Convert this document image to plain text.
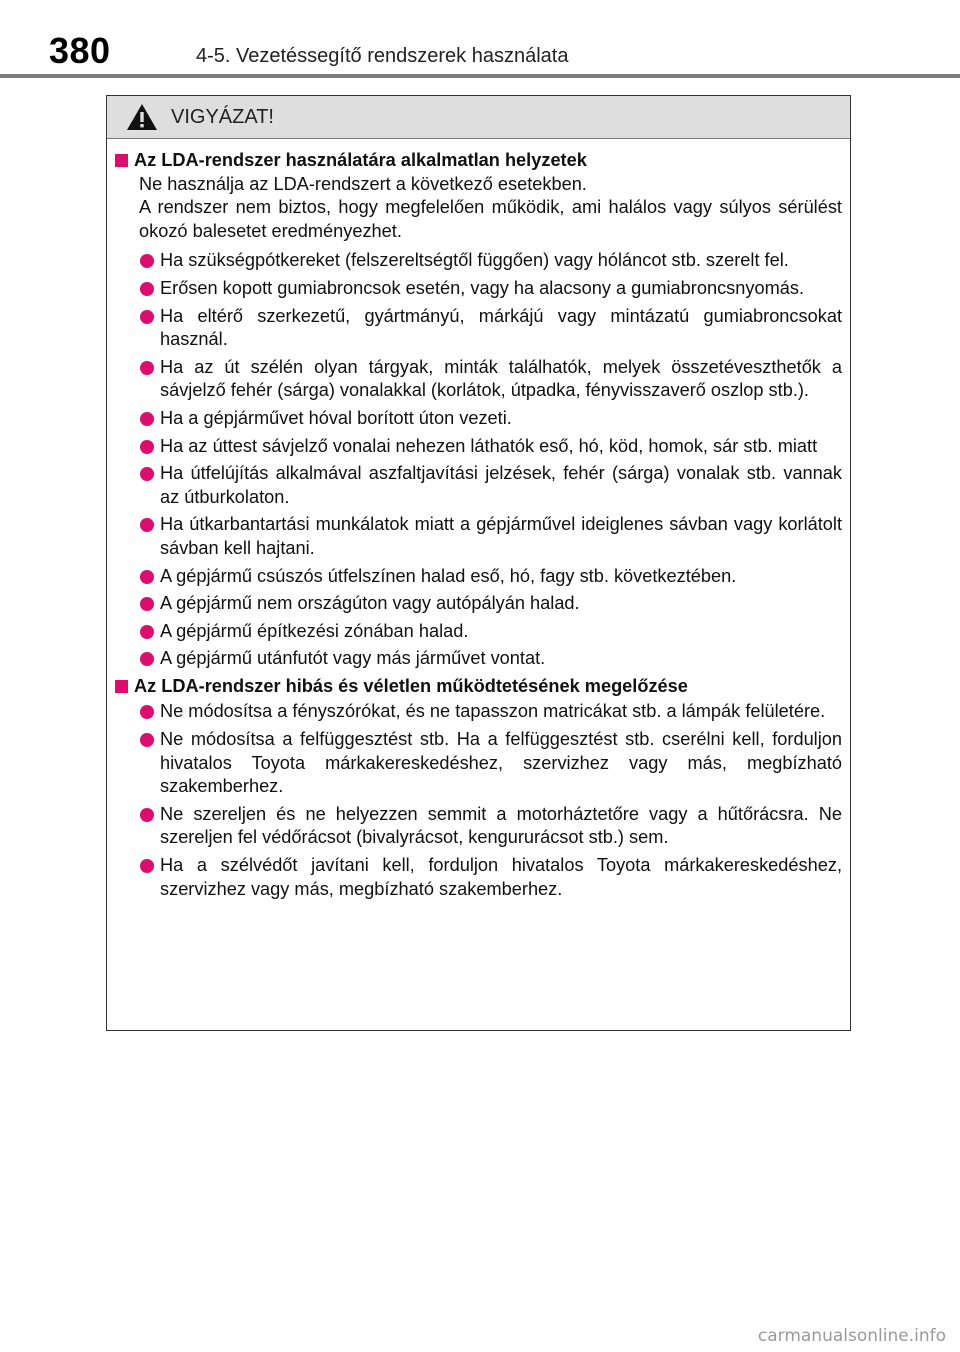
380	4-5. Vezetéssegítő rendszerek használata
VIGYÁZAT!
Az LDA-rendszer használatára alkalmatlan helyzetek
Ne használja az LDA-rendszert a következő esetekben.
A rendszer nem biztos, hogy megfelelően működik, ami halálos vagy súlyos sérülést okozó balesetet eredményezhet.
Ha szükségpótkereket (felszereltségtől függően) vagy hóláncot stb. szerelt fel.
Erősen kopott gumiabroncsok esetén, vagy ha alacsony a gumiabroncsnyomás.
Ha eltérő szerkezetű, gyártmányú, márkájú vagy mintázatú gumiabroncsokat használ.
Ha az út szélén olyan tárgyak, minták találhatók, melyek összetéveszthetők a sávjelző fehér (sárga) vonalakkal (korlátok, útpadka, fényvisszaverő oszlop stb.).
Ha a gépjárművet hóval borított úton vezeti.
Ha az úttest sávjelző vonalai nehezen láthatók eső, hó, köd, homok, sár stb. miatt
Ha útfelújítás alkalmával aszfaltjavítási jelzések, fehér (sárga) vonalak stb. vannak az útburkolaton.
Ha útkarbantartási munkálatok miatt a gépjárművel ideiglenes sávban vagy korlátolt sávban kell hajtani.
A gépjármű csúszós útfelszínen halad eső, hó, fagy stb. következtében.
A gépjármű nem országúton vagy autópályán halad.
A gépjármű építkezési zónában halad.
A gépjármű utánfutót vagy más járművet vontat.
Az LDA-rendszer hibás és véletlen működtetésének megelőzése
Ne módosítsa a fényszórókat, és ne tapasszon matricákat stb. a lámpák felületére.
Ne módosítsa a felfüggesztést stb. Ha a felfüggesztést stb. cserélni kell, forduljon hivatalos Toyota márkakereskedéshez, szervizhez vagy más, megbízható szakemberhez.
Ne szereljen és ne helyezzen semmit a motorháztetőre vagy a hűtőrácsra. Ne szereljen fel védőrácsot (bivalyrácsot, kengururácsot stb.) sem.
Ha a szélvédőt javítani kell, forduljon hivatalos Toyota márkakereskedéshez, szervizhez vagy más, megbízható szakemberhez.
carmanualsonline.info
